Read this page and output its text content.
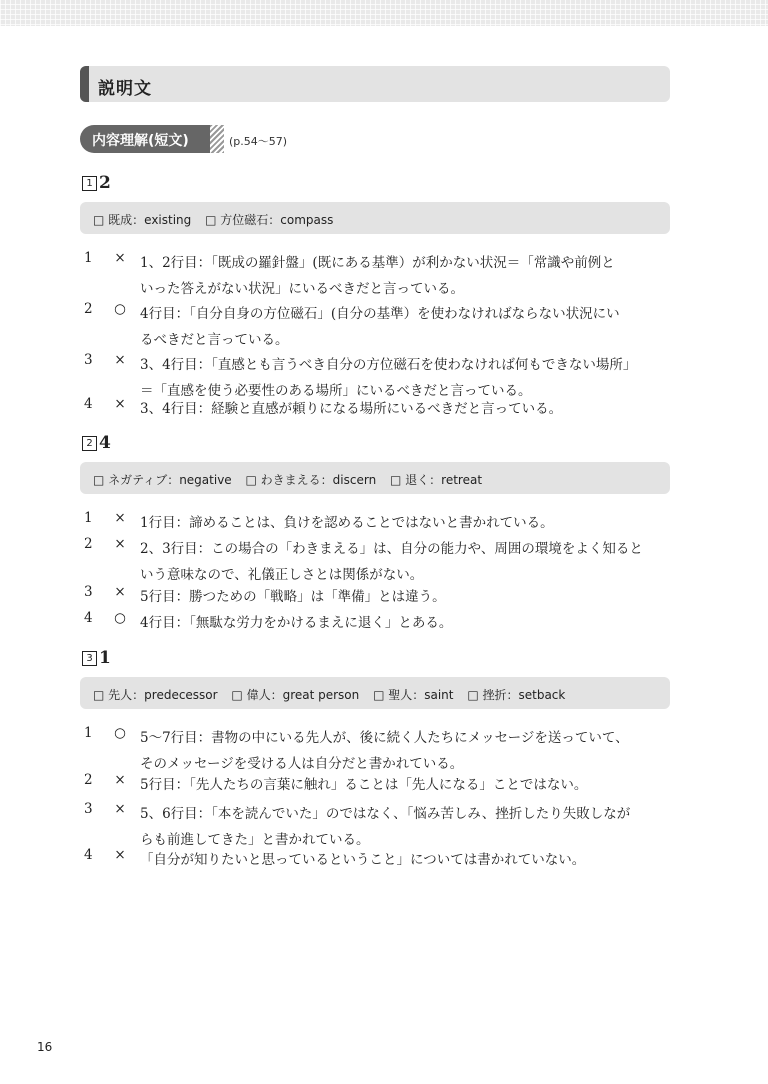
説明文
内容理解(短文)	(p.54～57)
1 2
□ 既成：existing □ 方位磁石：compass
1	× 1、2行目：「既成の羅針盤」(既にある基準）が利かない状況＝「常識や前例と
いった答えがない状況」にいるべきだと言っている。
2	○ 4行目：「自分自身の方位磁石」(自分の基準）を使わなければならない状況にい
るべきだと言っている。
3	× 3、4行目：「直感とも言うべき自分の方位磁石を使わなければ何もできない場所」
＝「直感を使う必要性のある場所」にいるべきだと言っている。
4	× 3、4行目：経験と直感が頼りになる場所にいるべきだと言っている。
2 4
□ ネガティブ：negative □ わきまえる：discern □ 退く：retreat
1	× 1行目：諦めることは、負けを認めることではないと書かれている。
2	× 2、3行目：この場合の「わきまえる」は、自分の能力や、周囲の環境をよく知ると
いう意味なので、礼儀正しさとは関係がない。
3	× 5行目：勝つための「戦略」は「準備」とは違う。
4	○ 4行目：「無駄な労力をかけるまえに退く」とある。
3 1
□ 先人：predecessor □ 偉人：great person □ 聖人：saint □ 挫折：setback
1	○ 5～7行目：書物の中にいる先人が、後に続く人たちにメッセージを送っていて、
そのメッセージを受ける人は自分だと書かれている。
2	× 5行目：「先人たちの言葉に触れ」ることは「先人になる」ことではない。
3	× 5、6行目：「本を読んでいた」のではなく、「悩み苦しみ、挫折したり失敗しなが
らも前進してきた」と書かれている。
4	× 「自分が知りたいと思っているということ」については書かれていない。
16
